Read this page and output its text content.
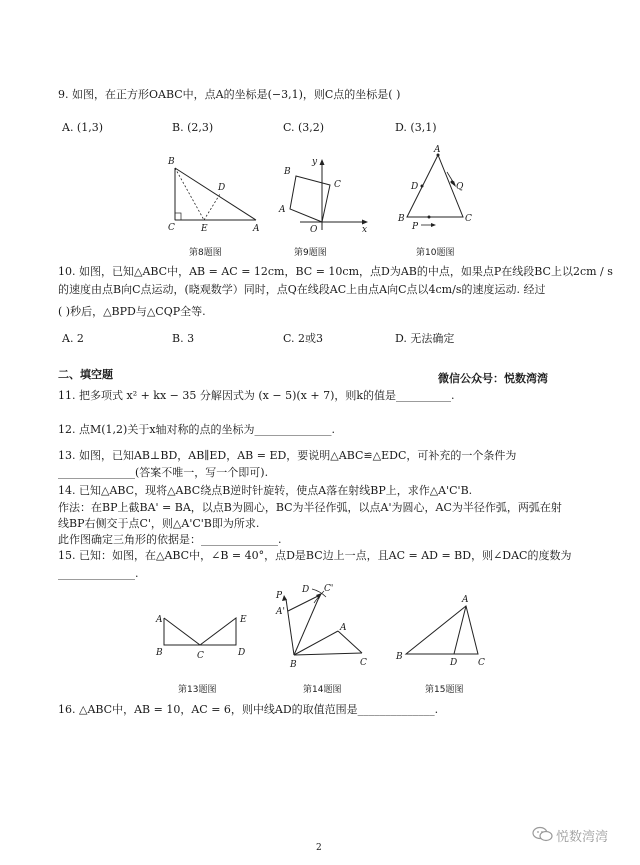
9. 如图，在正方形OABC中，点A的坐标是(−3,1)，则C点的坐标是( )
A. (1,3)	B. (2,3)	C. (3,2)	D. (3,1)
B
D
C	E	A
y
B
C
A
O	x
A
D	Q
B
P
C
第8题图	第9题图	第10题图
10. 如图，已知△ABC中，AB = AC = 12cm，BC = 10cm，点D为AB的中点，如果点P在线段BC上以2cm / s
的速度由点B向C点运动，(晓观数学）同时，点Q在线段AC上由点A向C点以4cm/s的速度运动. 经过
( )秒后，△BPD与△CQP全等.
A. 2	B. 3	C. 2或3	D. 无法确定
二、填空题	微信公众号：悦数湾湾
11. 把多项式 x² + kx − 35 分解因式为 (x − 5)(x + 7)，则k的值是__________.
12. 点M(1,2)关于x轴对称的点的坐标为______________.
13. 如图，已知AB⊥BD，AB∥ED，AB = ED，要说明△ABC≌△EDC，可补充的一个条件为
______________(答案不唯一，写一个即可).
14. 已知△ABC，现将△ABC绕点B逆时针旋转，使点A落在射线BP上，求作△A'C'B.
作法：在BP上截BA' = BA，以点B为圆心，BC为半径作弧，以点A'为圆心，AC为半径作弧，两弧在射
线BP右侧交于点C'，则△A'C'B即为所求.
此作图确定三角形的依据是：______________.
15. 已知：如图，在△ABC中，∠B = 40°，点D是BC边上一点，且AC = AD = BD，则∠DAC的度数为
______________.
A	E
B	C	D
P
D C'
A'
A
B	C
A
B
D C
第13题图	第14题图	第15题图
16. △ABC中，AB = 10，AC = 6，则中线AD的取值范围是______________.
2
悦数湾湾
